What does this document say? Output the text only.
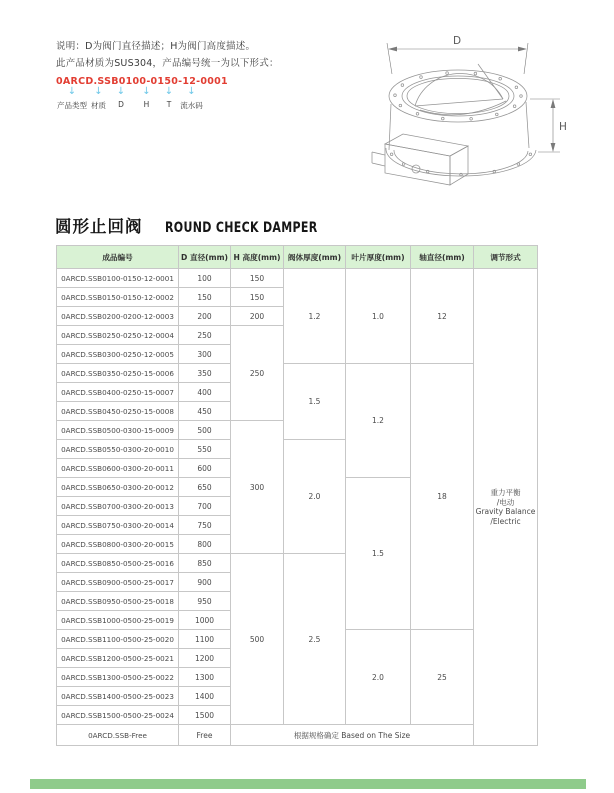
说明：D为阀门直径描述；H为阀门高度描述。
此产品材质为SUS304，产品编号统一为以下形式：
0ARCD.SSB0100-0150-12-0001
↓ ↓ ↓ ↓ ↓ ↓
产品类型 材质 D	H T 流水码
D
H
圆形止回阀 ROUND CHECK DAMPER
成品编号	D 直径(mm)	H 高度(mm)	阀体厚度(mm)	叶片厚度(mm)	轴直径(mm)	调节形式
0ARCD.SSB0100-0150-12-0001	100	150	1.2	1.0	12	重力平衡
/电动
Gravity Balance
/Electric

0ARCD.SSB0150-0150-12-0002	150	150				
0ARCD.SSB0200-0200-12-0003	200	200				
0ARCD.SSB0250-0250-12-0004	250	250				
0ARCD.SSB0300-0250-12-0005	300					
0ARCD.SSB0350-0250-15-0006	350		1.5	1.2	18	
0ARCD.SSB0400-0250-15-0007	400					
0ARCD.SSB0450-0250-15-0008	450					
0ARCD.SSB0500-0300-15-0009	500	300				
0ARCD.SSB0550-0300-20-0010	550		2.0			
0ARCD.SSB0600-0300-20-0011	600					
0ARCD.SSB0650-0300-20-0012	650			1.5		
0ARCD.SSB0700-0300-20-0013	700					
0ARCD.SSB0750-0300-20-0014	750					
0ARCD.SSB0800-0300-20-0015	800					
0ARCD.SSB0850-0500-25-0016	850	500	2.5			
0ARCD.SSB0900-0500-25-0017	900					
0ARCD.SSB0950-0500-25-0018	950					
0ARCD.SSB1000-0500-25-0019	1000					
0ARCD.SSB1100-0500-25-0020	1100			2.0	25	
0ARCD.SSB1200-0500-25-0021	1200					
0ARCD.SSB1300-0500-25-0022	1300					
0ARCD.SSB1400-0500-25-0023	1400					
0ARCD.SSB1500-0500-25-0024	1500					
0ARCD.SSB-Free	Free	根据规格确定 Based on The Size				
